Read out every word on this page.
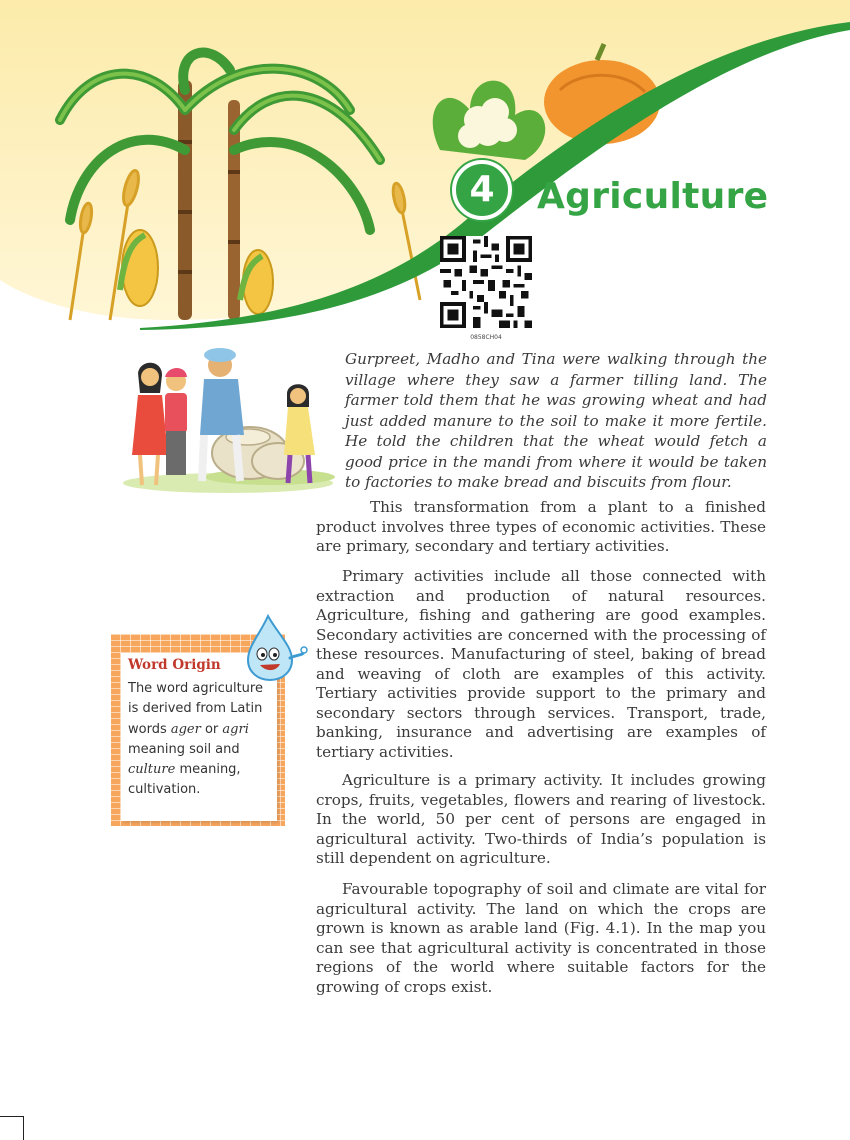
4	Agriculture
0858CH04

Gurpreet, Madho and Tina were walking through the village where they saw a farmer tilling land. The farmer told them that he was growing wheat and had just added manure to the soil to make it more fertile. He told the children that the wheat would fetch a good price in the mandi from where it would be taken to factories to make bread and biscuits from flour.

This transformation from a plant to a finished product involves three types of economic activities. These are primary, secondary and tertiary activities.

Primary activities include all those connected with extraction and production of natural resources. Agriculture, fishing and gathering are good examples. Secondary activities are concerned with the processing of these resources. Manufacturing of steel, baking of bread and weaving of cloth are examples of this activity. Tertiary activities provide support to the primary and secondary sectors through services. Transport, trade, banking, insurance and advertising are examples of tertiary activities.

Agriculture is a primary activity. It includes growing crops, fruits, vegetables, flowers and rearing of livestock. In the world, 50 per cent of persons are engaged in agricultural activity. Two-thirds of India’s population is still dependent on agriculture.

Favourable topography of soil and climate are vital for agricultural activity. The land on which the crops are grown is known as arable land (Fig. 4.1). In the map you can see that agricultural activity is concentrated in those regions of the world where suitable factors for the growing of crops exist.

Word Origin

The word agriculture is derived from Latin words ager or agri meaning soil and culture meaning, cultivation.
